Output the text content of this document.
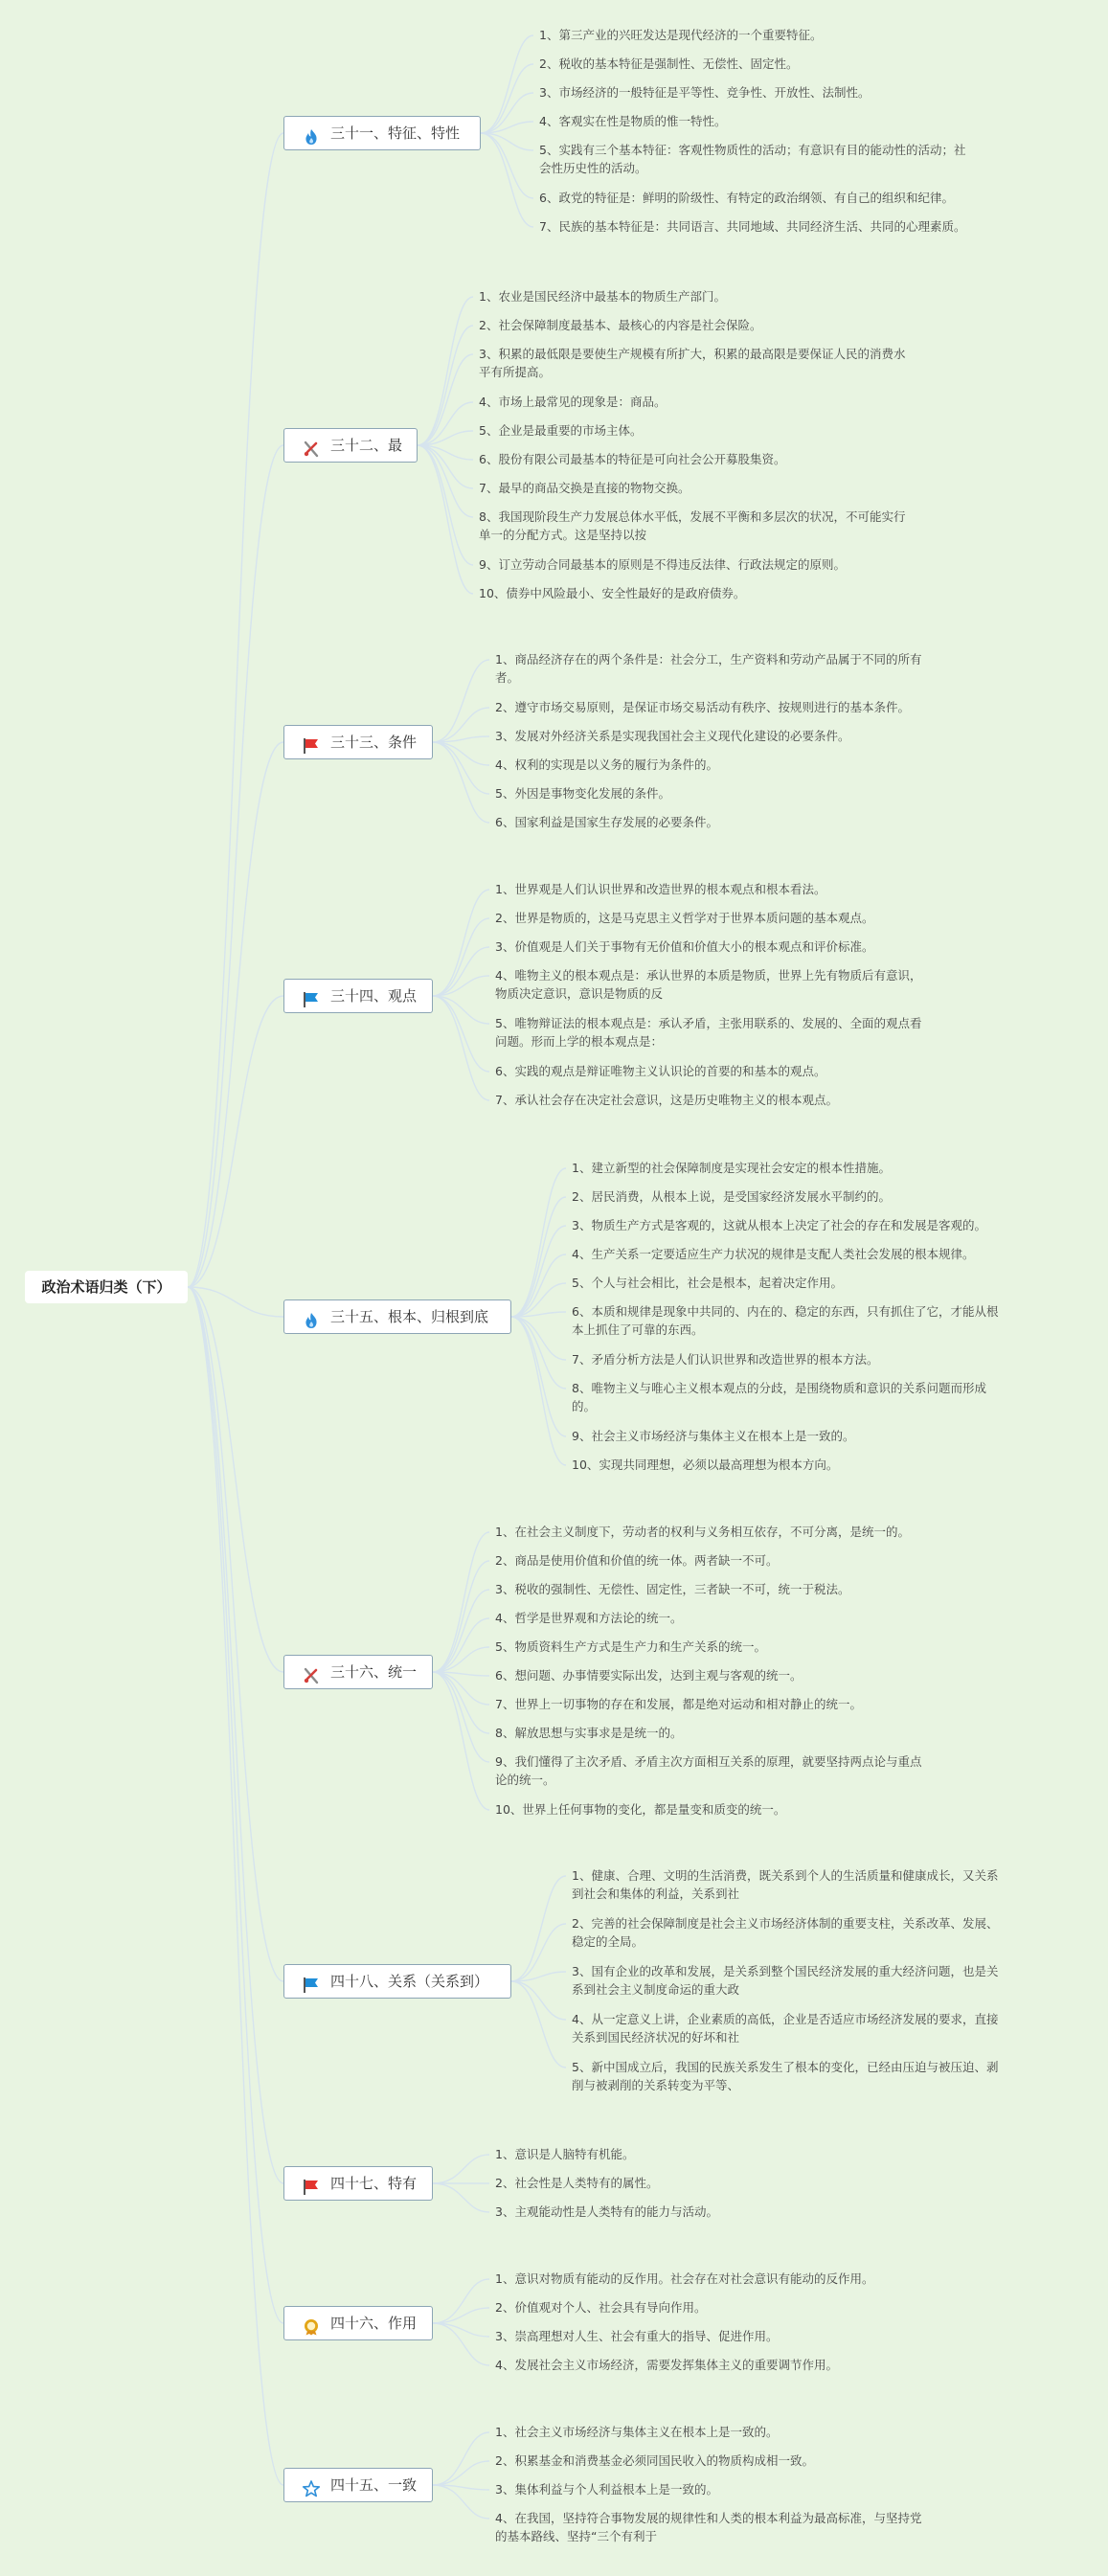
政治术语归类（下）
三十一、特征、特性
1、第三产业的兴旺发达是现代经济的一个重要特征。
2、税收的基本特征是强制性、无偿性、固定性。
3、市场经济的一般特征是平等性、竞争性、开放性、法制性。
4、客观实在性是物质的惟一特性。
5、实践有三个基本特征：客观性物质性的活动；有意识有目的能动性的活动；社
会性历史性的活动。
6、政党的特征是：鲜明的阶级性、有特定的政治纲领、有自己的组织和纪律。
7、民族的基本特征是：共同语言、共同地域、共同经济生活、共同的心理素质。
三十二、最
1、农业是国民经济中最基本的物质生产部门。
2、社会保障制度最基本、最核心的内容是社会保险。
3、积累的最低限是要使生产规模有所扩大，积累的最高限是要保证人民的消费水
平有所提高。
4、市场上最常见的现象是：商品。
5、企业是最重要的市场主体。
6、股份有限公司最基本的特征是可向社会公开募股集资。
7、最早的商品交换是直接的物物交换。
8、我国现阶段生产力发展总体水平低，发展不平衡和多层次的状况，不可能实行
单一的分配方式。这是坚持以按
9、订立劳动合同最基本的原则是不得违反法律、行政法规定的原则。
10、债券中风险最小、安全性最好的是政府债券。
三十三、条件
1、商品经济存在的两个条件是：社会分工，生产资料和劳动产品属于不同的所有
者。
2、遵守市场交易原则，是保证市场交易活动有秩序、按规则进行的基本条件。
3、发展对外经济关系是实现我国社会主义现代化建设的必要条件。
4、权利的实现是以义务的履行为条件的。
5、外因是事物变化发展的条件。
6、国家利益是国家生存发展的必要条件。
三十四、观点
1、世界观是人们认识世界和改造世界的根本观点和根本看法。
2、世界是物质的，这是马克思主义哲学对于世界本质问题的基本观点。
3、价值观是人们关于事物有无价值和价值大小的根本观点和评价标准。
4、唯物主义的根本观点是：承认世界的本质是物质，世界上先有物质后有意识，
物质决定意识，意识是物质的反
5、唯物辩证法的根本观点是：承认矛盾，主张用联系的、发展的、全面的观点看
问题。形而上学的根本观点是：
6、实践的观点是辩证唯物主义认识论的首要的和基本的观点。
7、承认社会存在决定社会意识，这是历史唯物主义的根本观点。
三十五、根本、归根到底
1、建立新型的社会保障制度是实现社会安定的根本性措施。
2、居民消费，从根本上说，是受国家经济发展水平制约的。
3、物质生产方式是客观的，这就从根本上决定了社会的存在和发展是客观的。
4、生产关系一定要适应生产力状况的规律是支配人类社会发展的根本规律。
5、个人与社会相比，社会是根本，起着决定作用。
6、本质和规律是现象中共同的、内在的、稳定的东西，只有抓住了它，才能从根
本上抓住了可靠的东西。
7、矛盾分析方法是人们认识世界和改造世界的根本方法。
8、唯物主义与唯心主义根本观点的分歧，是围绕物质和意识的关系问题而形成
的。
9、社会主义市场经济与集体主义在根本上是一致的。
10、实现共同理想，必须以最高理想为根本方向。
三十六、统一
1、在社会主义制度下，劳动者的权利与义务相互依存，不可分离，是统一的。
2、商品是使用价值和价值的统一体。两者缺一不可。
3、税收的强制性、无偿性、固定性，三者缺一不可，统一于税法。
4、哲学是世界观和方法论的统一。
5、物质资料生产方式是生产力和生产关系的统一。
6、想问题、办事情要实际出发，达到主观与客观的统一。
7、世界上一切事物的存在和发展，都是绝对运动和相对静止的统一。
8、解放思想与实事求是是统一的。
9、我们懂得了主次矛盾、矛盾主次方面相互关系的原理，就要坚持两点论与重点
论的统一。
10、世界上任何事物的变化，都是量变和质变的统一。
四十八、关系（关系到）
1、健康、合理、文明的生活消费，既关系到个人的生活质量和健康成长，又关系
到社会和集体的利益，关系到社
2、完善的社会保障制度是社会主义市场经济体制的重要支柱，关系改革、发展、
稳定的全局。
3、国有企业的改革和发展，是关系到整个国民经济发展的重大经济问题，也是关
系到社会主义制度命运的重大政
4、从一定意义上讲，企业素质的高低，企业是否适应市场经济发展的要求，直接
关系到国民经济状况的好坏和社
5、新中国成立后，我国的民族关系发生了根本的变化，已经由压迫与被压迫、剥
削与被剥削的关系转变为平等、
四十七、特有
1、意识是人脑特有机能。
2、社会性是人类特有的属性。
3、主观能动性是人类特有的能力与活动。
四十六、作用
1、意识对物质有能动的反作用。社会存在对社会意识有能动的反作用。
2、价值观对个人、社会具有导向作用。
3、崇高理想对人生、社会有重大的指导、促进作用。
4、发展社会主义市场经济，需要发挥集体主义的重要调节作用。
四十五、一致
1、社会主义市场经济与集体主义在根本上是一致的。
2、积累基金和消费基金必须同国民收入的物质构成相一致。
3、集体利益与个人利益根本上是一致的。
4、在我国，坚持符合事物发展的规律性和人类的根本利益为最高标准，与坚持党
的基本路线、坚持“三个有利于
